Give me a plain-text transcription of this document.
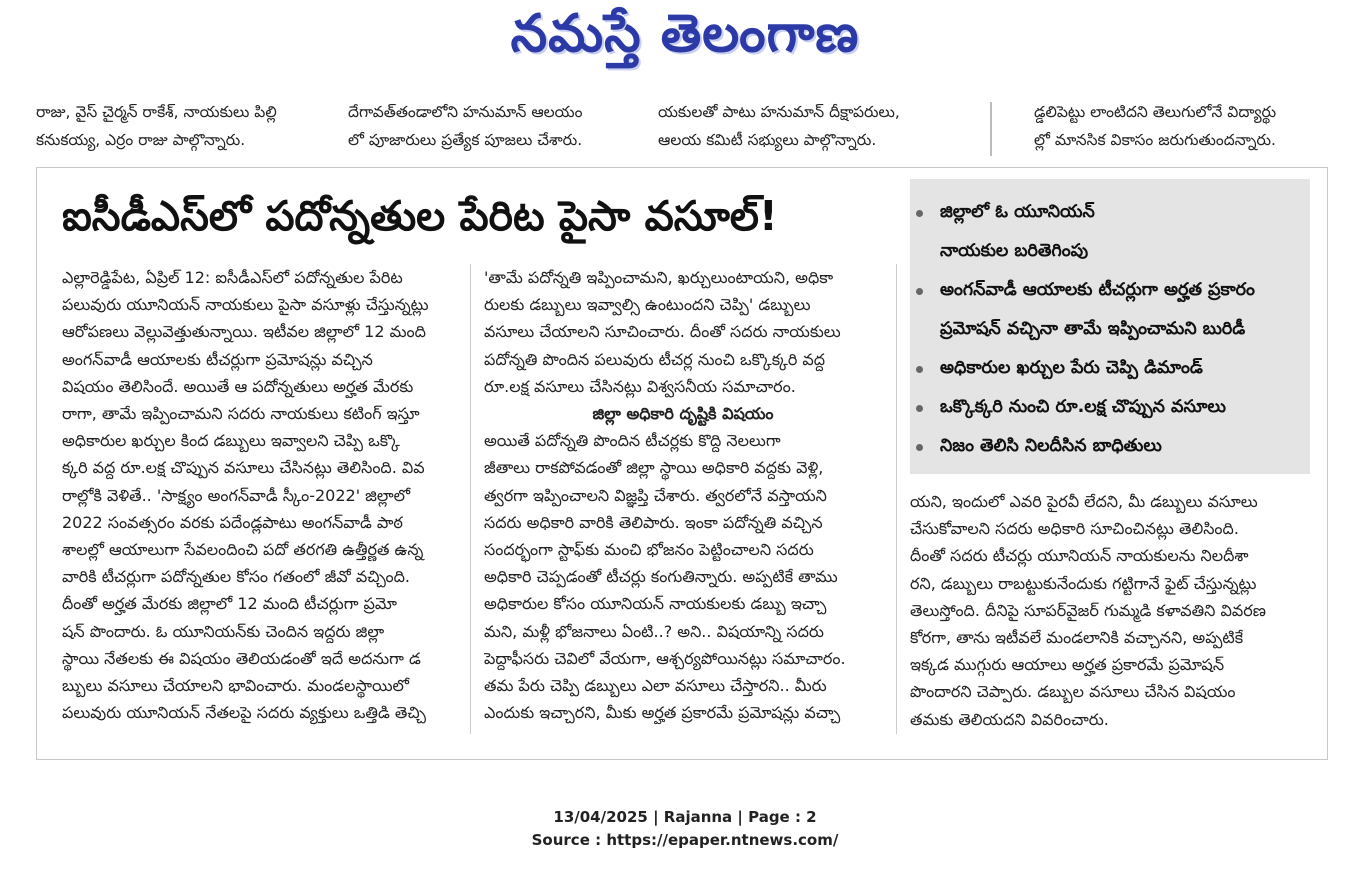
నమస్తే తెలంగాణ

రాజు, వైస్ చైర్మన్ రాకేశ్, నాయకులు పిల్లి

కనుకయ్య, ఎర్రం రాజు పాల్గొన్నారు.

దేగావత్‌తండాలోని హనుమాన్ ఆలయం

లో పూజారులు ప్రత్యేక పూజలు చేశారు.

యకులతో పాటు హనుమాన్ దీక్షాపరులు,

ఆలయ కమిటీ సభ్యులు పాల్గొన్నారు.

డ్డలిపెట్టు లాంటిదని తెలుగులోనే విద్యార్థు

ల్లో మానసిక వికాసం జరుగుతుందన్నారు.

ఐసీడీఎస్‌లో పదోన్నతుల పేరిట పైసా వసూల్!

ఎల్లారెడ్డిపేట, ఏప్రిల్ 12: ఐసీడీఎస్‌లో పదోన్నతుల పేరిట

పలువురు యూనియన్ నాయకులు పైసా వసూళ్లు చేస్తున్నట్లు

ఆరోపణలు వెల్లువెత్తుతున్నాయి. ఇటీవల జిల్లాలో 12 మంది

అంగన్‌వాడీ ఆయాలకు టీచర్లుగా ప్రమోషన్లు వచ్చిన

విషయం తెలిసిందే. అయితే ఆ పదోన్నతులు అర్హత మేరకు

రాగా, తామే ఇప్పించామని సదరు నాయకులు కటింగ్ ఇస్తూ

అధికారుల ఖర్చుల కింద డబ్బులు ఇవ్వాలని చెప్పి ఒక్కొ

క్కరి వద్ద రూ.లక్ష చొప్పున వసూలు చేసినట్లు తెలిసింది. వివ

రాల్లోకి వెళితే.. 'సాక్ష్యం అంగన్‌వాడీ స్కీం-2022' జిల్లాలో

2022 సంవత్సరం వరకు పదేండ్లపాటు అంగన్‌వాడీ పాఠ

శాలల్లో ఆయాలుగా సేవలందించి పదో తరగతి ఉత్తీర్ణత ఉన్న

వారికి టీచర్లుగా పదోన్నతుల కోసం గతంలో జీవో వచ్చింది.

దీంతో అర్హత మేరకు జిల్లాలో 12 మంది టీచర్లుగా ప్రమో

షన్ పొందారు. ఓ యూనియన్‌కు చెందిన ఇద్దరు జిల్లా

స్థాయి నేతలకు ఈ విషయం తెలియడంతో ఇదే అదనుగా డ

బ్బులు వసూలు చేయాలని భావించారు. మండలస్థాయిలో

పలువురు యూనియన్ నేతలపై సదరు వ్యక్తులు ఒత్తిడి తెచ్చి

'తామే పదోన్నతి ఇప్పించామని, ఖర్చులుంటాయని, అధికా

రులకు డబ్బులు ఇవ్వాల్సి ఉంటుందని చెప్పి' డబ్బులు

వసూలు చేయాలని సూచించారు. దీంతో సదరు నాయకులు

పదోన్నతి పొందిన పలువురు టీచర్ల నుంచి ఒక్కొక్కరి వద్ద

రూ.లక్ష వసూలు చేసినట్లు విశ్వసనీయ సమాచారం.

జిల్లా అధికారి దృష్టికి విషయం

అయితే పదోన్నతి పొందిన టీచర్లకు కొద్ది నెలలుగా

జీతాలు రాకపోవడంతో జిల్లా స్థాయి అధికారి వద్దకు వెళ్లి,

త్వరగా ఇప్పించాలని విజ్ఞప్తి చేశారు. త్వరలోనే వస్తాయని

సదరు అధికారి వారికి తెలిపారు. ఇంకా పదోన్నతి వచ్చిన

సందర్భంగా స్టాఫ్‌కు మంచి భోజనం పెట్టించాలని సదరు

అధికారి చెప్పడంతో టీచర్లు కంగుతిన్నారు. అప్పటికే తాము

అధికారుల కోసం యూనియన్ నాయకులకు డబ్బు ఇచ్చా

మని, మళ్లీ భోజనాలు ఏంటి..? అని.. విషయాన్ని సదరు

పెద్దాఫీసరు చెవిలో వేయగా, ఆశ్చర్యపోయినట్లు సమాచారం.

తమ పేరు చెప్పి డబ్బులు ఎలా వసూలు చేస్తారని.. మీరు

ఎందుకు ఇచ్చారని, మీకు అర్హత ప్రకారమే ప్రమోషన్లు వచ్చా

జిల్లాలో ఓ యూనియన్
నాయకుల బరితెగింపు
అంగన్‌వాడీ ఆయాలకు టీచర్లుగా అర్హత ప్రకారం
ప్రమోషన్ వచ్చినా తామే ఇప్పించామని బురిడీ
అధికారుల ఖర్చుల పేరు చెప్పి డిమాండ్
ఒక్కొక్కరి నుంచి రూ.లక్ష చొప్పున వసూలు
నిజం తెలిసి నిలదీసిన బాధితులు

యని, ఇందులో ఎవరి పైరవీ లేదని, మీ డబ్బులు వసూలు

చేసుకోవాలని సదరు అధికారి సూచించినట్లు తెలిసింది.

దీంతో సదరు టీచర్లు యూనియన్ నాయకులను నిలదీశా

రని, డబ్బులు రాబట్టుకునేందుకు గట్టిగానే ఫైట్ చేస్తున్నట్లు

తెలుస్తోంది. దీనిపై సూపర్‌వైజర్ గుమ్మడి కళావతిని వివరణ

కోరగా, తాను ఇటీవలే మండలానికి వచ్చానని, అప్పటికే

ఇక్కడ ముగ్గురు ఆయాలు అర్హత ప్రకారమే ప్రమోషన్

పొందారని చెప్పారు. డబ్బుల వసూలు చేసిన విషయం

తమకు తెలియదని వివరించారు.

13/04/2025 | Rajanna | Page : 2
Source : https://epaper.ntnews.com/
